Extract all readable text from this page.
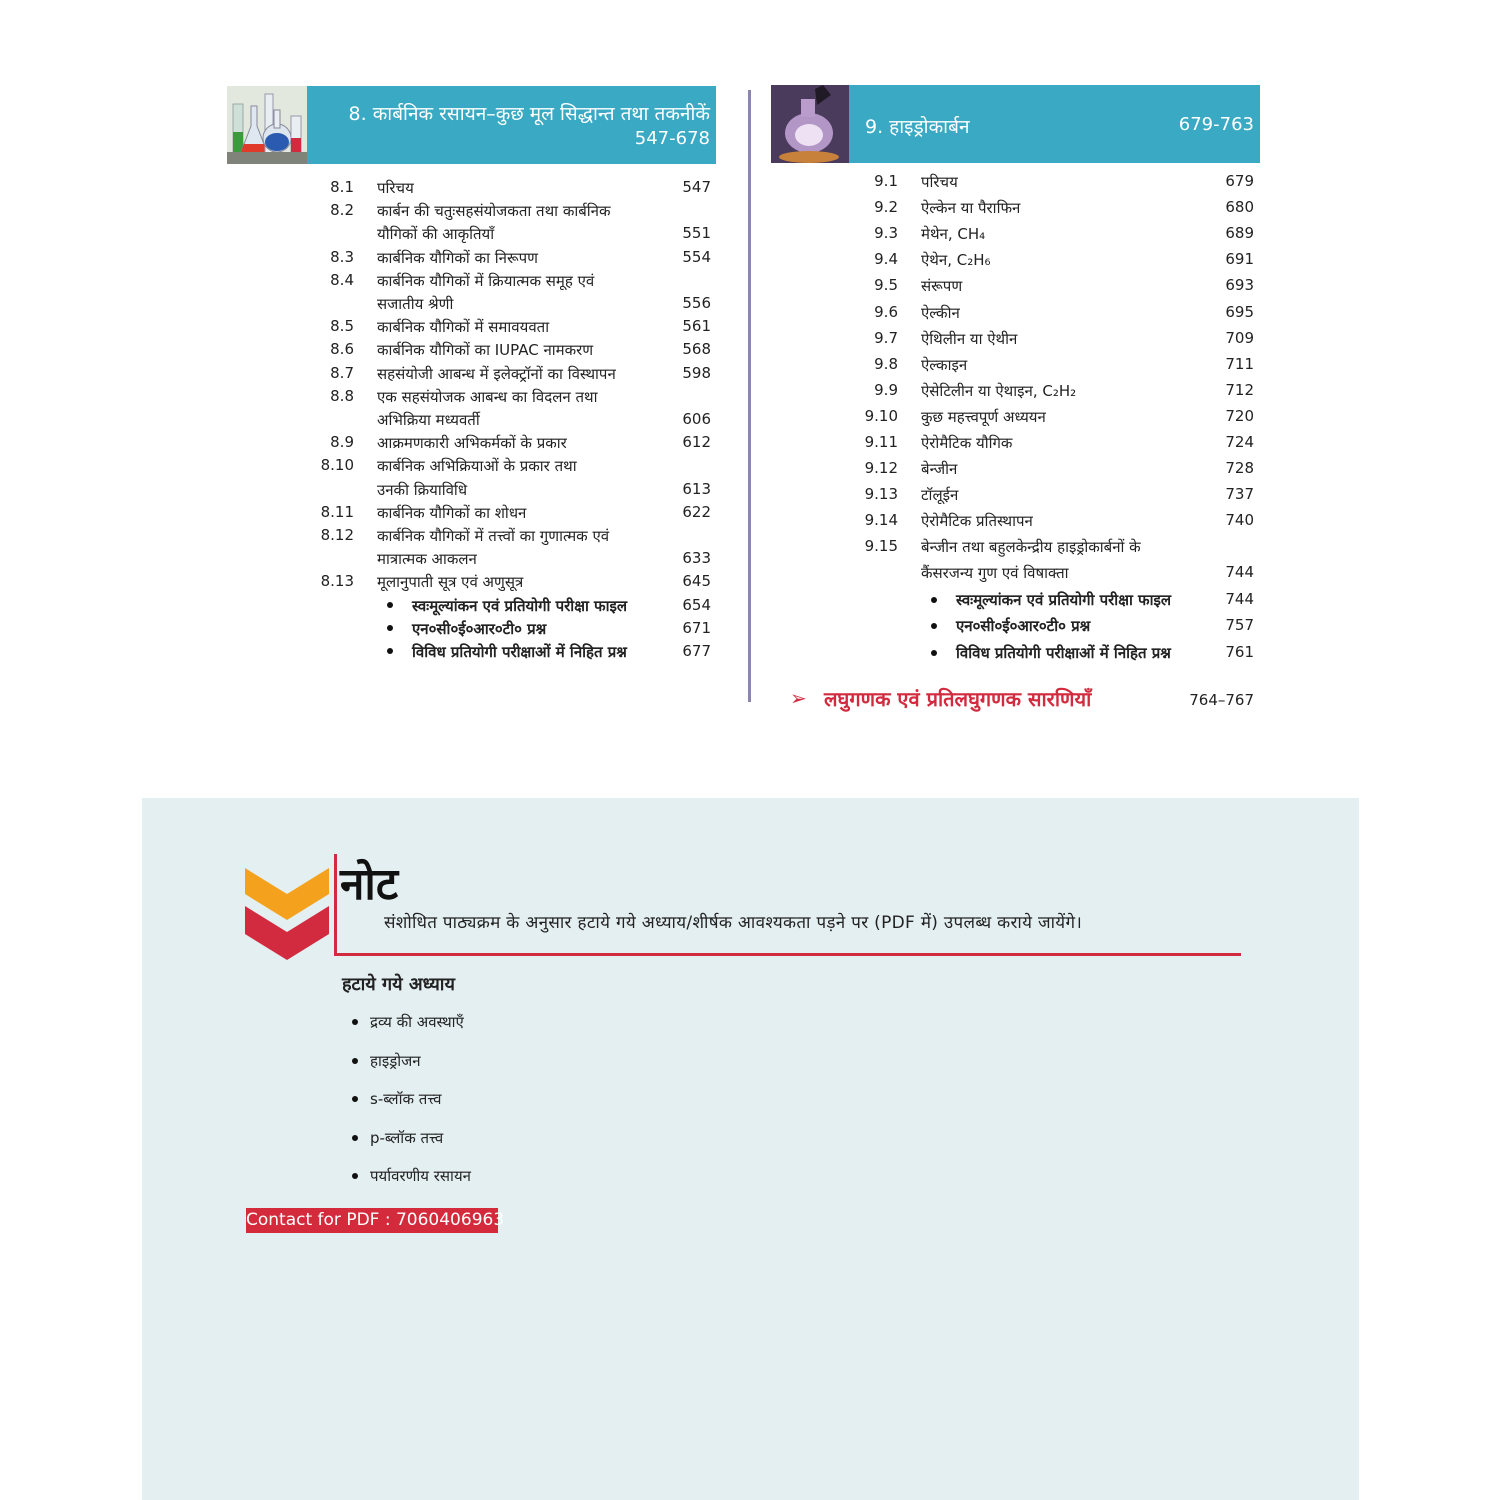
8. कार्बनिक रसायन–कुछ मूल सिद्धान्त तथा तकनीकें
547-678
9. हाइड्रोकार्बन	679-763
8.1 परिचय	547
8.2 कार्बन की चतुःसहसंयोजकता तथा कार्बनिक
यौगिकों की आकृतियाँ	551
8.3 कार्बनिक यौगिकों का निरूपण	554
8.4 कार्बनिक यौगिकों में क्रियात्मक समूह एवं
सजातीय श्रेणी	556
8.5 कार्बनिक यौगिकों में समावयवता	561
8.6 कार्बनिक यौगिकों का IUPAC नामकरण	568
8.7 सहसंयोजी आबन्ध में इलेक्ट्रॉनों का विस्थापन	598
8.8 एक सहसंयोजक आबन्ध का विदलन तथा
अभिक्रिया मध्यवर्ती	606
8.9 आक्रमणकारी अभिकर्मकों के प्रकार	612
8.10 कार्बनिक अभिक्रियाओं के प्रकार तथा
उनकी क्रियाविधि	613
8.11 कार्बनिक यौगिकों का शोधन	622
8.12 कार्बनिक यौगिकों में तत्त्वों का गुणात्मक एवं
मात्रात्मक आकलन	633
8.13 मूलानुपाती सूत्र एवं अणुसूत्र	645
स्वःमूल्यांकन एवं प्रतियोगी परीक्षा फाइल	654
एन०सी०ई०आर०टी० प्रश्न	671
विविध प्रतियोगी परीक्षाओं में निहित प्रश्न	677
9.1 परिचय	679
9.2 ऐल्केन या पैराफिन	680
9.3 मेथेन, CH₄	689
9.4 ऐथेन, C₂H₆	691
9.5 संरूपण	693
9.6 ऐल्कीन	695
9.7 ऐथिलीन या ऐथीन	709
9.8 ऐल्काइन	711
9.9 ऐसेटिलीन या ऐथाइन, C₂H₂	712
9.10 कुछ महत्त्वपूर्ण अध्ययन	720
9.11 ऐरोमैटिक यौगिक	724
9.12 बेन्जीन	728
9.13 टॉलूईन	737
9.14 ऐरोमैटिक प्रतिस्थापन	740
9.15 बेन्जीन तथा बहुलकेन्द्रीय हाइड्रोकार्बनों के
कैंसरजन्य गुण एवं विषाक्ता	744
स्वःमूल्यांकन एवं प्रतियोगी परीक्षा फाइल	744
एन०सी०ई०आर०टी० प्रश्न	757
विविध प्रतियोगी परीक्षाओं में निहित प्रश्न	761
➢ लघुगणक एवं प्रतिलघुगणक सारणियाँ	764–767
नोट
संशोधित पाठ्यक्रम के अनुसार हटाये गये अध्याय/शीर्षक आवश्यकता पड़ने पर (PDF में) उपलब्ध कराये जायेंगे।
हटाये गये अध्याय
द्रव्य की अवस्थाएँ
हाइड्रोजन
s-ब्लॉक तत्त्व
p-ब्लॉक तत्त्व
पर्यावरणीय रसायन
Contact for PDF : 7060406963
